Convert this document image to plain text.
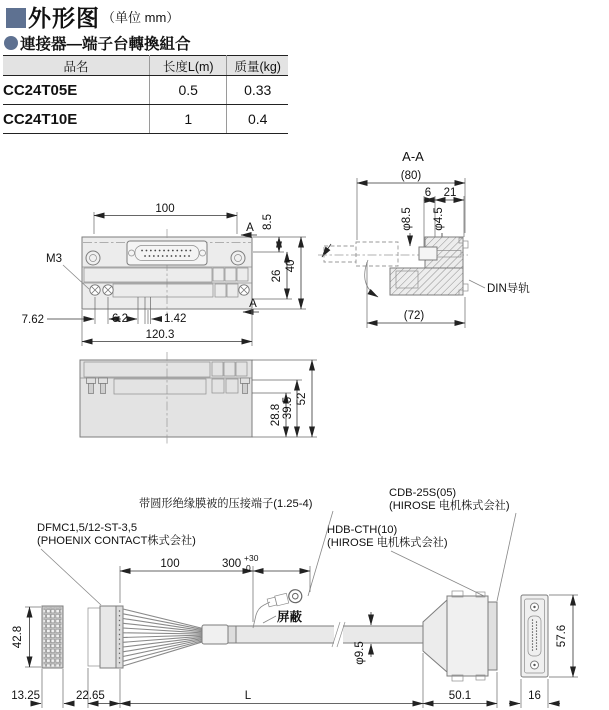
外形图 （单位 mm）
連接器—端子台轉換組合
品名	长度L(m)	质量(kg)
CC24T05E	0.5	0.33
CC24T10E	1	0.4
100
A
A
8.5
26
40
M3
7.62	6.2	1.42
120.3
A-A
(80)
6 21
φ8.5 φ4.5
DIN导轨
(72)
28.8 39.5 52
带圆形绝缘膜被的压接端子(1.25-4)
CDB-25S(05)
(HIROSE 电机株式会社)
DFMC1,5/12-ST-3,5
(PHOENIX CONTACT株式会社)
HDB-CTH(10)
(HIROSE 电机株式会社)
100	300 +30
0
屏蔽
φ9.5
42.8	57.6
13.25	22.65	L	50.1	16
